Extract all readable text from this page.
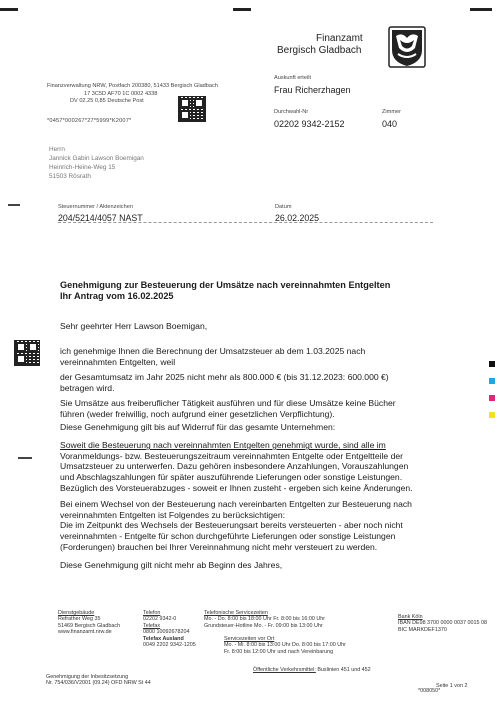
Finanzamt
Bergisch Gladbach
Finanzverwaltung NRW, Postfach 200380, 51433 Bergisch Gladbach
17 3C5D AF70 1C 0002 4338
DV 02.25 0,85 Deutsche Post
*0457*000267*27*5999*K2007*
Auskunft erteilt
Frau Richerzhagen
Durchwahl-Nr
02202 9342-2152
Zimmer
040
Herrn
Jannick Gabin Lawson Boemigan
Heinrich-Heine-Weg 15
51503 Rösrath
Steuernummer / Aktenzeichen
204/5214/4057 NAST
Datum
26.02.2025
Genehmigung zur Besteuerung der Umsätze nach vereinnahmten Entgelten
Ihr Antrag vom 16.02.2025
Sehr geehrter Herr Lawson Boemigan,

ich genehmige Ihnen die Berechnung der Umsatzsteuer ab dem 1.03.2025 nach

vereinnahmten Entgelten, weil

der Gesamtumsatz im Jahr 2025 nicht mehr als 800.000 € (bis 31.12.2023: 600.000 €)

betragen wird.

Sie Umsätze aus freiberuflicher Tätigkeit ausführen und für diese Umsätze keine Bücher

führen (weder freiwillig, noch aufgrund einer gesetzlichen Verpflichtung).

Diese Genehmigung gilt bis auf Widerruf für das gesamte Unternehmen:

Soweit die Besteuerung nach vereinnahmten Entgelten genehmigt wurde, sind alle im

Voranmeldungs- bzw. Besteuerungszeitraum vereinnahmten Entgelte oder Entgeltteile der

Umsatzsteuer zu unterwerfen. Dazu gehören insbesondere Anzahlungen, Vorauszahlungen

und Abschlagszahlungen für später auszuführende Lieferungen oder sonstige Leistungen.

Bezüglich des Vorsteuerabzuges - soweit er Ihnen zusteht - ergeben sich keine Änderungen.

Bei einem Wechsel von der Besteuerung nach vereinbarten Entgelten zur Besteuerung nach

vereinnahmten Entgelten ist Folgendes zu berücksichtigen:

Die im Zeitpunkt des Wechsels der Besteuerungsart bereits versteuerten - aber noch nicht

vereinnahmten - Entgelte für schon durchgeführte Lieferungen oder sonstige Leistungen

(Forderungen) brauchen bei Ihrer Vereinnahmung nicht mehr versteuert zu werden.

Diese Genehmigung gilt nicht mehr ab Beginn des Jahres,

Dienstgebäude
Refrather Weg 35
51469 Bergisch Gladbach
www.finanzamt.nrw.de
Telefon
02202 9342-0
Telefax
0800 10092678204
Telefax Ausland
0049 2202 9342-1205
Telefonische Servicezeiten
Mo. - Do. 8:00 bis 18:00 Uhr Fr. 8:00 bis 16:00 Uhr
Grundsteuer-Hotline Mo. - Fr. 09:00 bis 13:00 Uhr
Servicezeiten vor Ort
Mo. - Mi. 8:00 bis 13:00 Uhr Do. 8:00 bis 17:00 Uhr
Fr. 8:00 bis 12:00 Uhr und nach Vereinbarung
Öffentliche Verkehrsmittel: Buslinien 451 und 452
Bank Köln
IBAN DE98 3700 0000 0037 0015 08
BIC MARKDEF1370
Genehmigung der Inbesitzsetzung
Nr. 754/036/V2001 (09.24) OFD NRW St 44	Seite 1 von 2
*008050*
